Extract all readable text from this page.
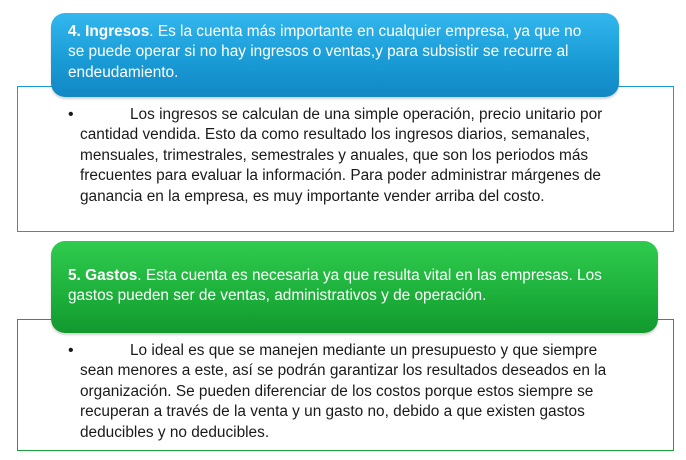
•	Los ingresos se calculan de una simple operación, precio unitario por cantidad vendida. Esto da como resultado los ingresos diarios, semanales, mensuales, trimestrales, semestrales y anuales, que son los periodos más frecuentes para evaluar la información. Para poder administrar márgenes de ganancia en la empresa, es muy importante vender arriba del costo.
4. Ingresos. Es la cuenta más importante en cualquier empresa, ya que no se puede operar si no hay ingresos o ventas,y para subsistir se recurre al endeudamiento.
•	Lo ideal es que se manejen mediante un presupuesto y que siempre sean menores a este, así se podrán garantizar los resultados deseados en la organización. Se pueden diferenciar de los costos porque estos siempre se recuperan a través de la venta y un gasto no, debido a que existen gastos deducibles y no deducibles.
5. Gastos. Esta cuenta es necesaria ya que resulta vital en las empresas. Los gastos pueden ser de ventas, administrativos y de operación.
